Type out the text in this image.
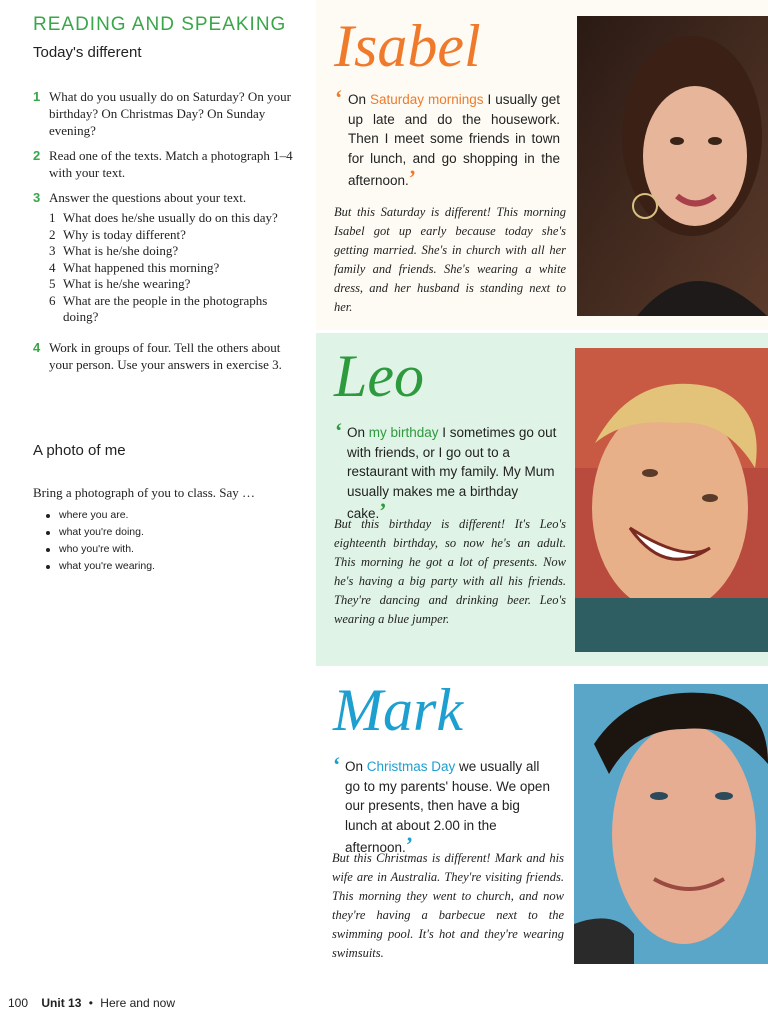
READING AND SPEAKING
Today's different
1 What do you usually do on Saturday? On your birthday? On Christmas Day? On Sunday evening?
2 Read one of the texts. Match a photograph 1–4 with your text.
3 Answer the questions about your text.
1 What does he/she usually do on this day?
2 Why is today different?
3 What is he/she doing?
4 What happened this morning?
5 What is he/she wearing?
6 What are the people in the photographs doing?
4 Work in groups of four. Tell the others about your person. Use your answers in exercise 3.
A photo of me
Bring a photograph of you to class. Say …
where you are.
what you're doing.
who you're with.
what you're wearing.
100 Unit 13 • Here and now
Isabel
‘ On Saturday mornings I usually get up late and do the housework. Then I meet some friends in town for lunch, and go shopping in the afternoon.’
But this Saturday is different! This morning Isabel got up early because today she's getting married. She's in church with all her family and friends. She's wearing a white dress, and her husband is standing next to her.
Leo
‘ On my birthday I sometimes go out with friends, or I go out to a restaurant with my family. My Mum usually makes me a birthday cake.’
But this birthday is different! It's Leo's eighteenth birthday, so now he's an adult. This morning he got a lot of presents. Now he's having a big party with all his friends. They're dancing and drinking beer. Leo's wearing a blue jumper.
Mark
‘ On Christmas Day we usually all go to my parents' house. We open our presents, then have a big lunch at about 2.00 in the afternoon.’
But this Christmas is different! Mark and his wife are in Australia. They're visiting friends. This morning they went to church, and now they're having a barbecue next to the swimming pool. It's hot and they're wearing swimsuits.
